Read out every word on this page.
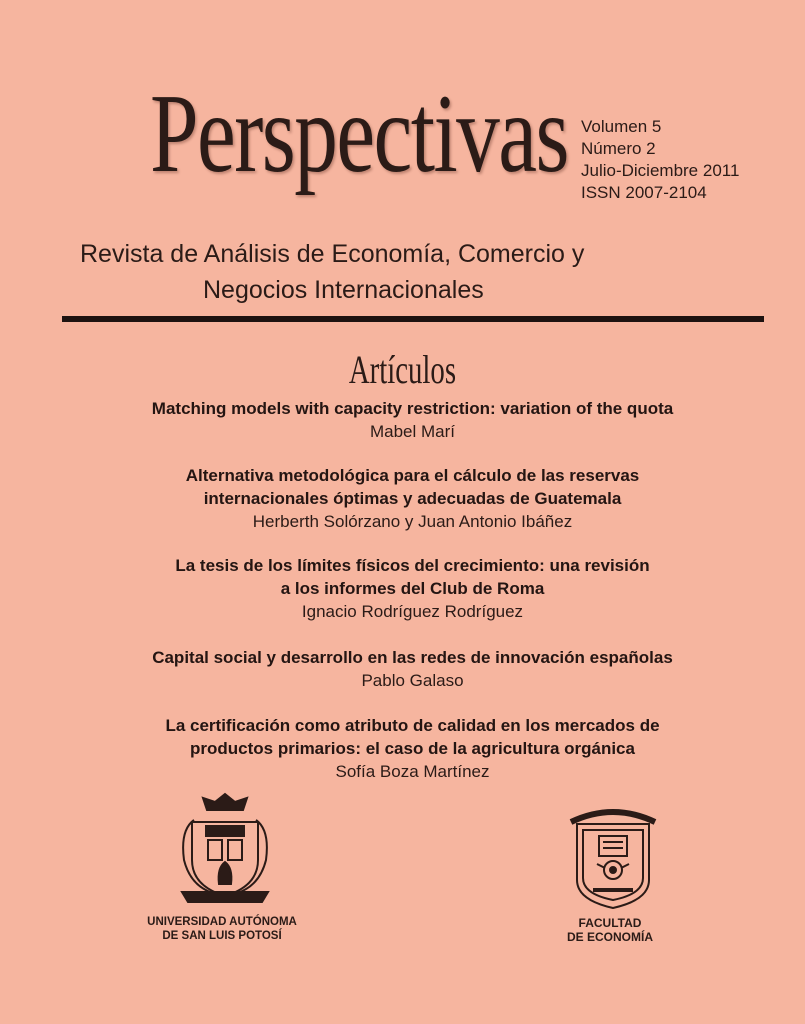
Perspectivas Volumen 5
Número 2
Julio-Diciembre 2011
ISSN 2007-2104
Revista de Análisis de Economía, Comercio y
Negocios Internacionales
Artículos
Matching models with capacity restriction: variation of the quota
Mabel Marí
Alternativa metodológica para el cálculo de las reservas
internacionales óptimas y adecuadas de Guatemala
Herberth Solórzano y Juan Antonio Ibáñez
La tesis de los límites físicos del crecimiento: una revisión
a los informes del Club de Roma
Ignacio Rodríguez Rodríguez
Capital social y desarrollo en las redes de innovación españolas
Pablo Galaso
La certificación como atributo de calidad en los mercados de
productos primarios: el caso de la agricultura orgánica
Sofía Boza Martínez
UNIVERSIDAD AUTÓNOMA
DE SAN LUIS POTOSÍ
FACULTAD
DE ECONOMÍA
